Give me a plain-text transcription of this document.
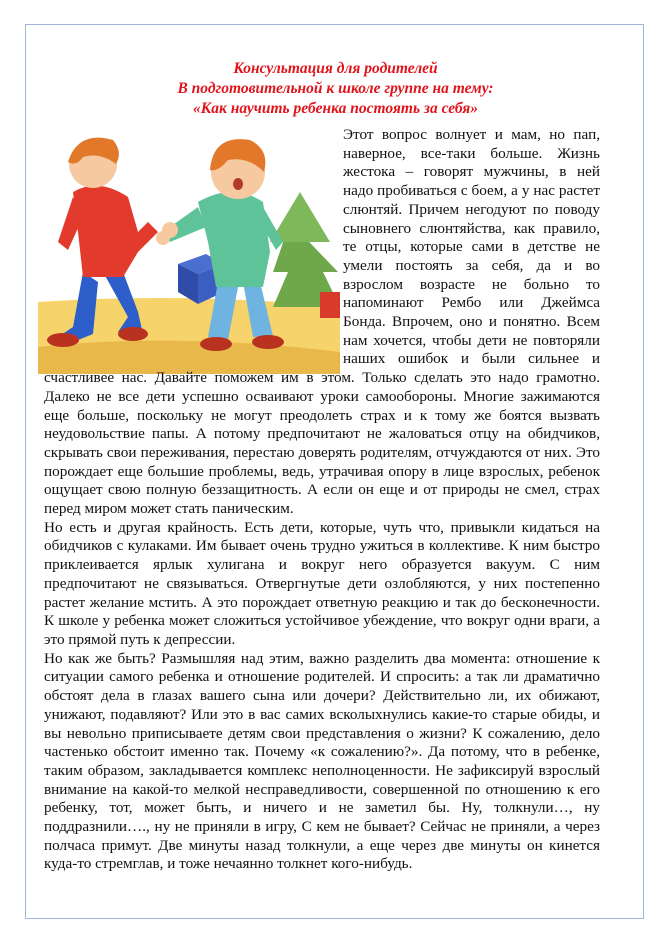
Консультация для родителей
В подготовительной к школе группе на тему:
«Как научить ребенка постоять за себя»

Этот вопрос волнует и мам, но пап, наверное, все-таки больше. Жизнь жестока – говорят мужчины, в ней надо пробиваться с боем, а у нас растет слюнтяй. Причем негодуют по поводу сыновнего слюнтяйства, как правило, те отцы, которые сами в детстве не умели постоять за себя, да и во взрослом возрасте не больно то напоминают Рембо или Джеймса Бонда. Впрочем, оно и понятно. Всем нам хочется, чтобы дети не повторяли наших ошибок и были сильнее и счастливее нас. Давайте поможем им в этом. Только сделать это надо грамотно. Далеко не все дети успешно осваивают уроки самообороны. Многие зажимаются еще больше, поскольку не могут преодолеть страх и к тому же боятся вызвать неудовольствие папы. А потому предпочитают не жаловаться отцу на обидчиков, скрывать свои переживания, перестаю доверять родителям, отчуждаются от них. Это порождает еще большие проблемы, ведь, утрачивая опору в лице взрослых, ребенок ощущает свою полную беззащитность. А если он еще и от природы не смел, страх перед миром может стать паническим.

Но есть и другая крайность. Есть дети, которые, чуть что, привыкли кидаться на обидчиков с кулаками. Им бывает очень трудно ужиться в коллективе. К ним быстро приклеивается ярлык хулигана и вокруг него образуется вакуум. С ним предпочитают не связываться. Отвергнутые дети озлобляются, у них постепенно растет желание мстить. А это порождает ответную реакцию и так до бесконечности. К школе у ребенка может сложиться устойчивое убеждение, что вокруг одни враги, а это прямой путь к депрессии.

Но как же быть? Размышляя над этим, важно разделить два момента: отношение к ситуации самого ребенка и отношение родителей. И спросить: а так ли драматично обстоят дела в глазах вашего сына или дочери? Действительно ли, их обижают, унижают, подавляют? Или это в вас самих всколыхнулись какие-то старые обиды, и вы невольно приписываете детям свои представления о жизни? К сожалению, дело частенько обстоит именно так. Почему «к сожалению?». Да потому, что в ребенке, таким образом, закладывается комплекс неполноценности. Не зафиксируй взрослый внимание на какой-то мелкой несправедливости, совершенной по отношению к его ребенку, тот, может быть, и ничего и не заметил бы. Ну, толкнули…, ну поддразнили…., ну не приняли в игру, С кем не бывает? Сейчас не приняли, а через полчаса примут. Две минуты назад толкнули, а еще через две минуты он кинется куда-то стремглав, и тоже нечаянно толкнет кого-нибудь.
